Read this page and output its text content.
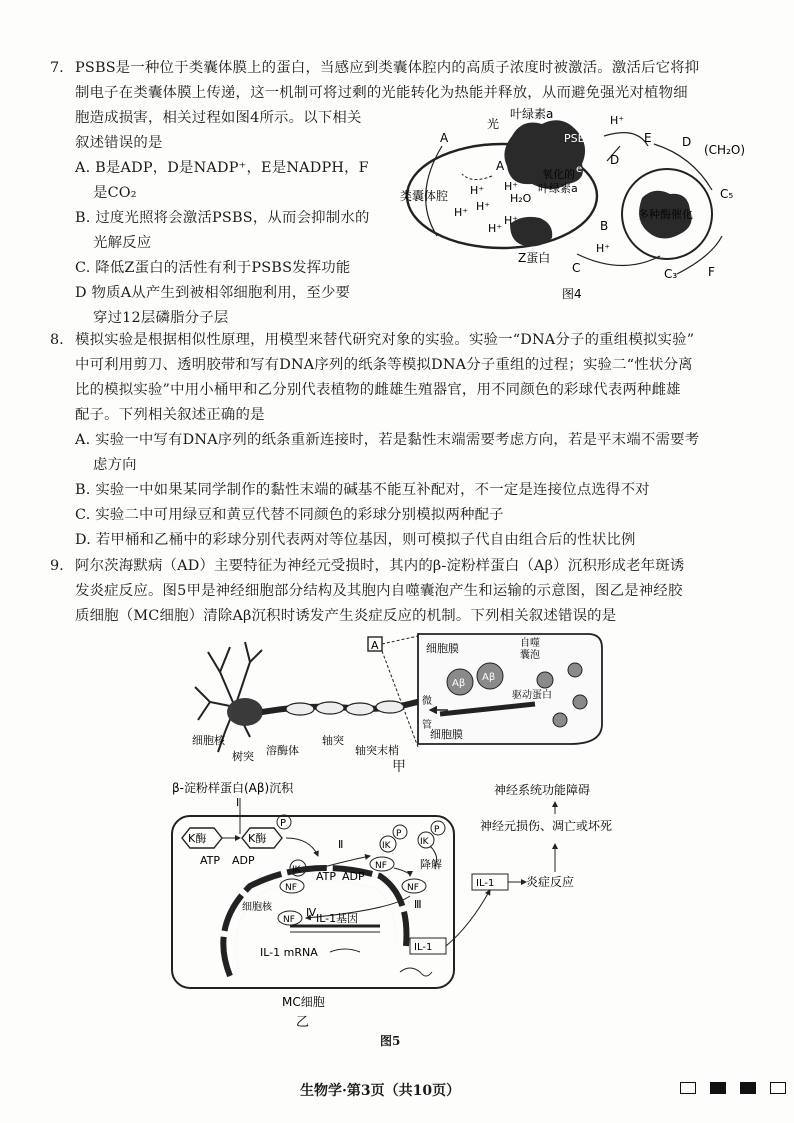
7. PSBS是一种位于类囊体膜上的蛋白，当感应到类囊体腔内的高质子浓度时被激活。激活后它将抑
制电子在类囊体膜上传递，这一机制可将过剩的光能转化为热能并释放，从而避免强光对植物细
胞造成损害，相关过程如图4所示。以下相关
叙述错误的是
A. B是ADP，D是NADP⁺，E是NADPH，F
是CO₂
B. 过度光照将会激活PSBS，从而会抑制水的
光解反应
C. 降低Z蛋白的活性有利于PSBS发挥功能
D 物质A从产生到被相邻细胞利用，至少要
穿过12层磷脂分子层
光
叶绿素a
PSBS
H⁺
E	D
(CH₂O)
A
A	D
类囊体腔 H⁺
H⁺ H⁺
H⁺
H⁺
H₂O
氧化的
叶绿素a
e⁻
H⁺
C₅
多种酶催化
B
H⁺
Z蛋白
C	C₃	F
图4
8. 模拟实验是根据相似性原理，用模型来替代研究对象的实验。实验一“DNA分子的重组模拟实验”
中可利用剪刀、透明胶带和写有DNA序列的纸条等模拟DNA分子重组的过程；实验二“性状分离
比的模拟实验”中用小桶甲和乙分别代表植物的雌雄生殖器官，用不同颜色的彩球代表两种雌雄
配子。下列相关叙述正确的是
A. 实验一中写有DNA序列的纸条重新连接时，若是黏性末端需要考虑方向，若是平末端不需要考
虑方向
B. 实验一中如果某同学制作的黏性末端的碱基不能互补配对，不一定是连接位点选得不对
C. 实验二中可用绿豆和黄豆代替不同颜色的彩球分别模拟两种配子
D. 若甲桶和乙桶中的彩球分别代表两对等位基因，则可模拟子代自由组合后的性状比例
9. 阿尔茨海默病（AD）主要特征为神经元受损时，其内的β-淀粉样蛋白（Aβ）沉积形成老年斑诱
发炎症反应。图5甲是神经细胞部分结构及其胞内自噬囊泡产生和运输的示意图，图乙是神经胶
质细胞（MC细胞）清除Aβ沉积时诱发产生炎症反应的机制。下列相关叙述错误的是
A
细胞核
树突 溶酶体
轴突
轴突末梢
细胞膜	自噬
囊泡
Aβ
Aβ
驱动蛋白
微
管
细胞膜
甲
β-淀粉样蛋白(Aβ)沉积
Ⅰ
K酶	K酶
P
ATP ADP
Ⅱ
IK
NF
ATP ADP
IK
P
NF
IK
P
降解
NF
Ⅲ
细胞核
NF
Ⅳ IL-1基因
IL-1 mRNA	IL-1
IL-1
MC细胞
乙
炎症反应
神经元损伤、凋亡或坏死
神经系统功能障碍
图5
生物学·第3页（共10页）
